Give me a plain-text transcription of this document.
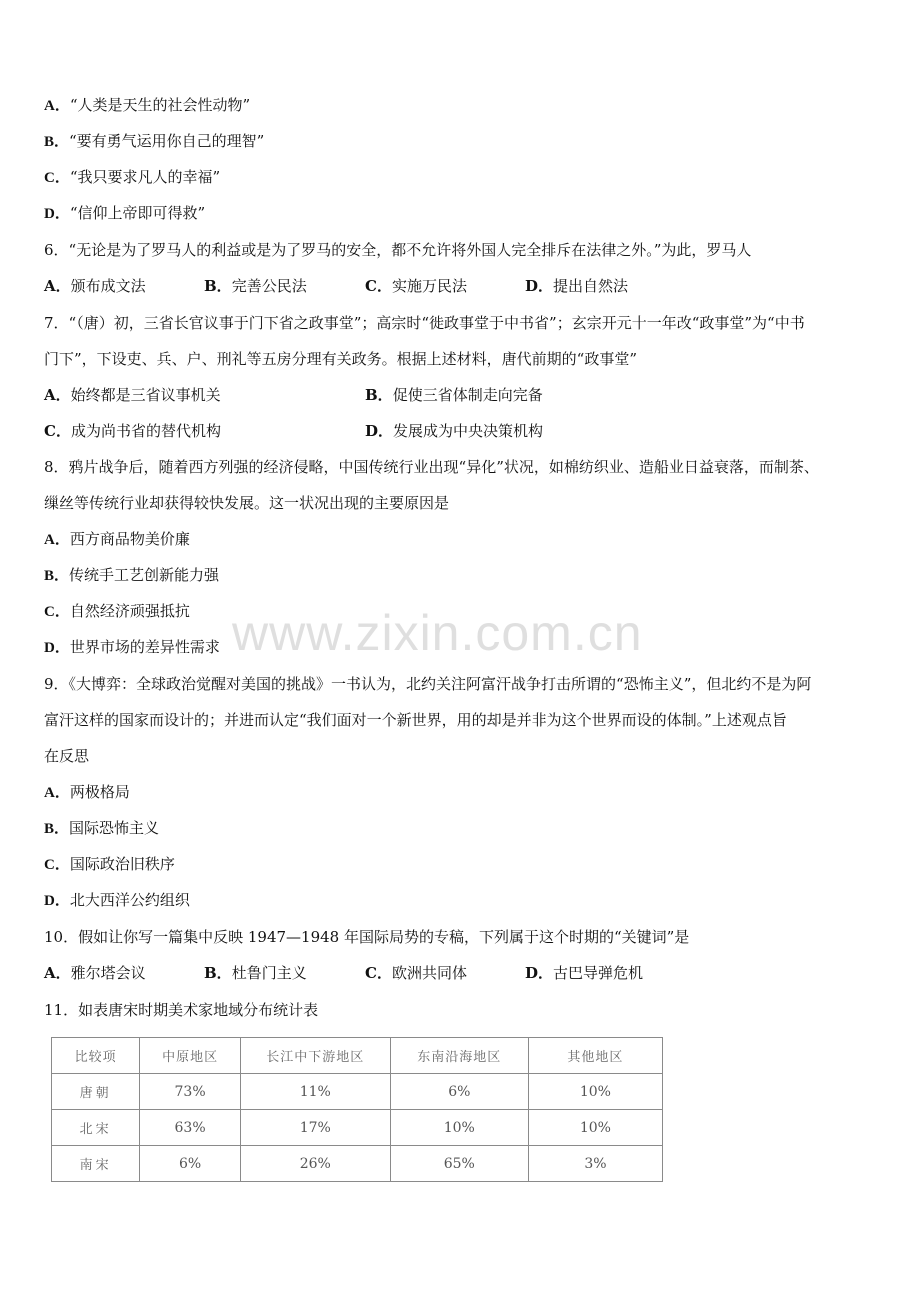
A．“人类是天生的社会性动物”
B．“要有勇气运用你自己的理智”
C．“我只要求凡人的幸福”
D．“信仰上帝即可得救”
6．“无论是为了罗马人的利益或是为了罗马的安全，都不允许将外国人完全排斥在法律之外。”为此，罗马人
A．颁布成文法	B．完善公民法	C．实施万民法	D．提出自然法
7．“（唐）初，三省长官议事于门下省之政事堂”；高宗时“徙政事堂于中书省”；玄宗开元十一年改“政事堂”为“中书
门下”，下设吏、兵、户、刑礼等五房分理有关政务。根据上述材料，唐代前期的“政事堂”
A．始终都是三省议事机关	B．促使三省体制走向完备
C．成为尚书省的替代机构	D．发展成为中央决策机构
8．鸦片战争后，随着西方列强的经济侵略，中国传统行业出现“异化”状况，如棉纺织业、造船业日益衰落，而制茶、
缫丝等传统行业却获得较快发展。这一状况出现的主要原因是
A．西方商品物美价廉
B．传统手工艺创新能力强
C．自然经济顽强抵抗
D．世界市场的差异性需求 www.zixin.com.cn
9．《大博弈：全球政治觉醒对美国的挑战》一书认为，北约关注阿富汗战争打击所谓的“恐怖主义”，但北约不是为阿
富汗这样的国家而设计的；并进而认定“我们面对一个新世界，用的却是并非为这个世界而设的体制。”上述观点旨
在反思
A．两极格局
B．国际恐怖主义
C．国际政治旧秩序
D．北大西洋公约组织
10．假如让你写一篇集中反映 1947—1948 年国际局势的专稿，下列属于这个时期的“关键词”是
A．雅尔塔会议	B．杜鲁门主义	C．欧洲共同体	D．古巴导弹危机
11．如表唐宋时期美术家地域分布统计表
比较项	中原地区	长江中下游地区	东南沿海地区	其他地区
唐朝	73%	11%	6%	10%
北宋	63%	17%	10%	10%
南宋	6%	26%	65%	3%
